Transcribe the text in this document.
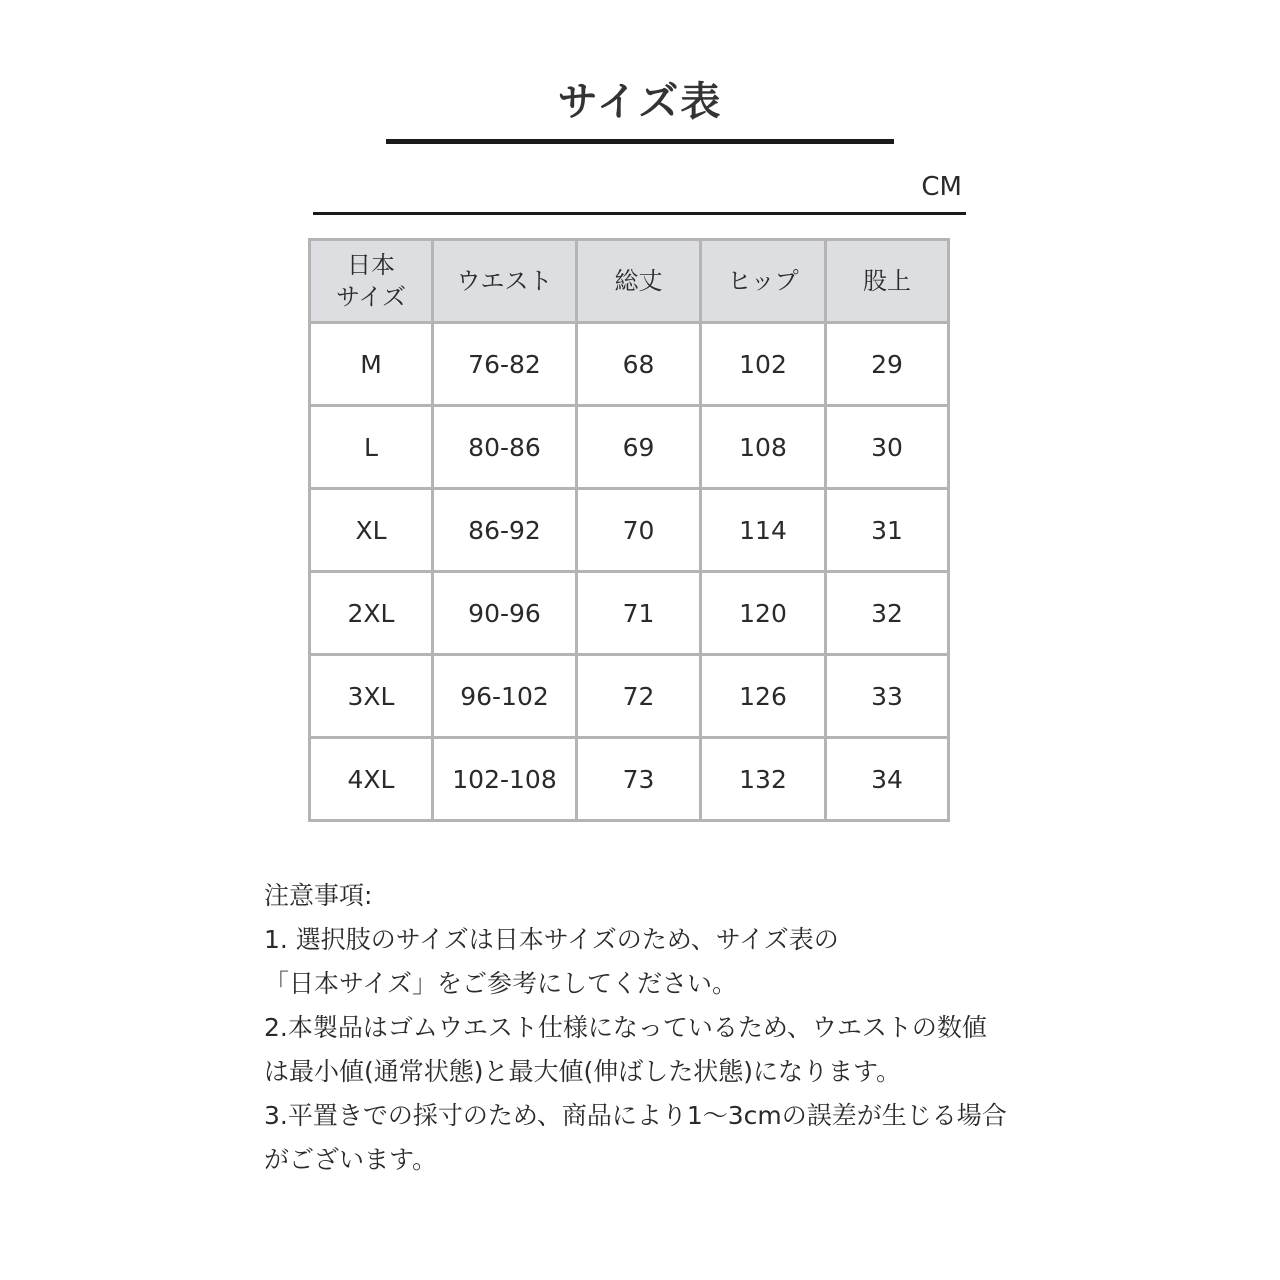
サイズ表
CM
日本
サイズ	ウエスト	総丈	ヒップ	股上

M	76-82	68	102	29
L	80-86	69	108	30
XL	86-92	70	114	31
2XL	90-96	71	120	32
3XL	96-102	72	126	33
4XL	102-108	73	132	34

注意事項:

1. 選択肢のサイズは日本サイズのため、サイズ表の

「日本サイズ」をご参考にしてください。

2.本製品はゴムウエスト仕様になっているため、ウエストの数値

は最小値(通常状態)と最大値(伸ばした状態)になります。

3.平置きでの採寸のため、商品により1〜3cmの誤差が生じる場合

がございます。
